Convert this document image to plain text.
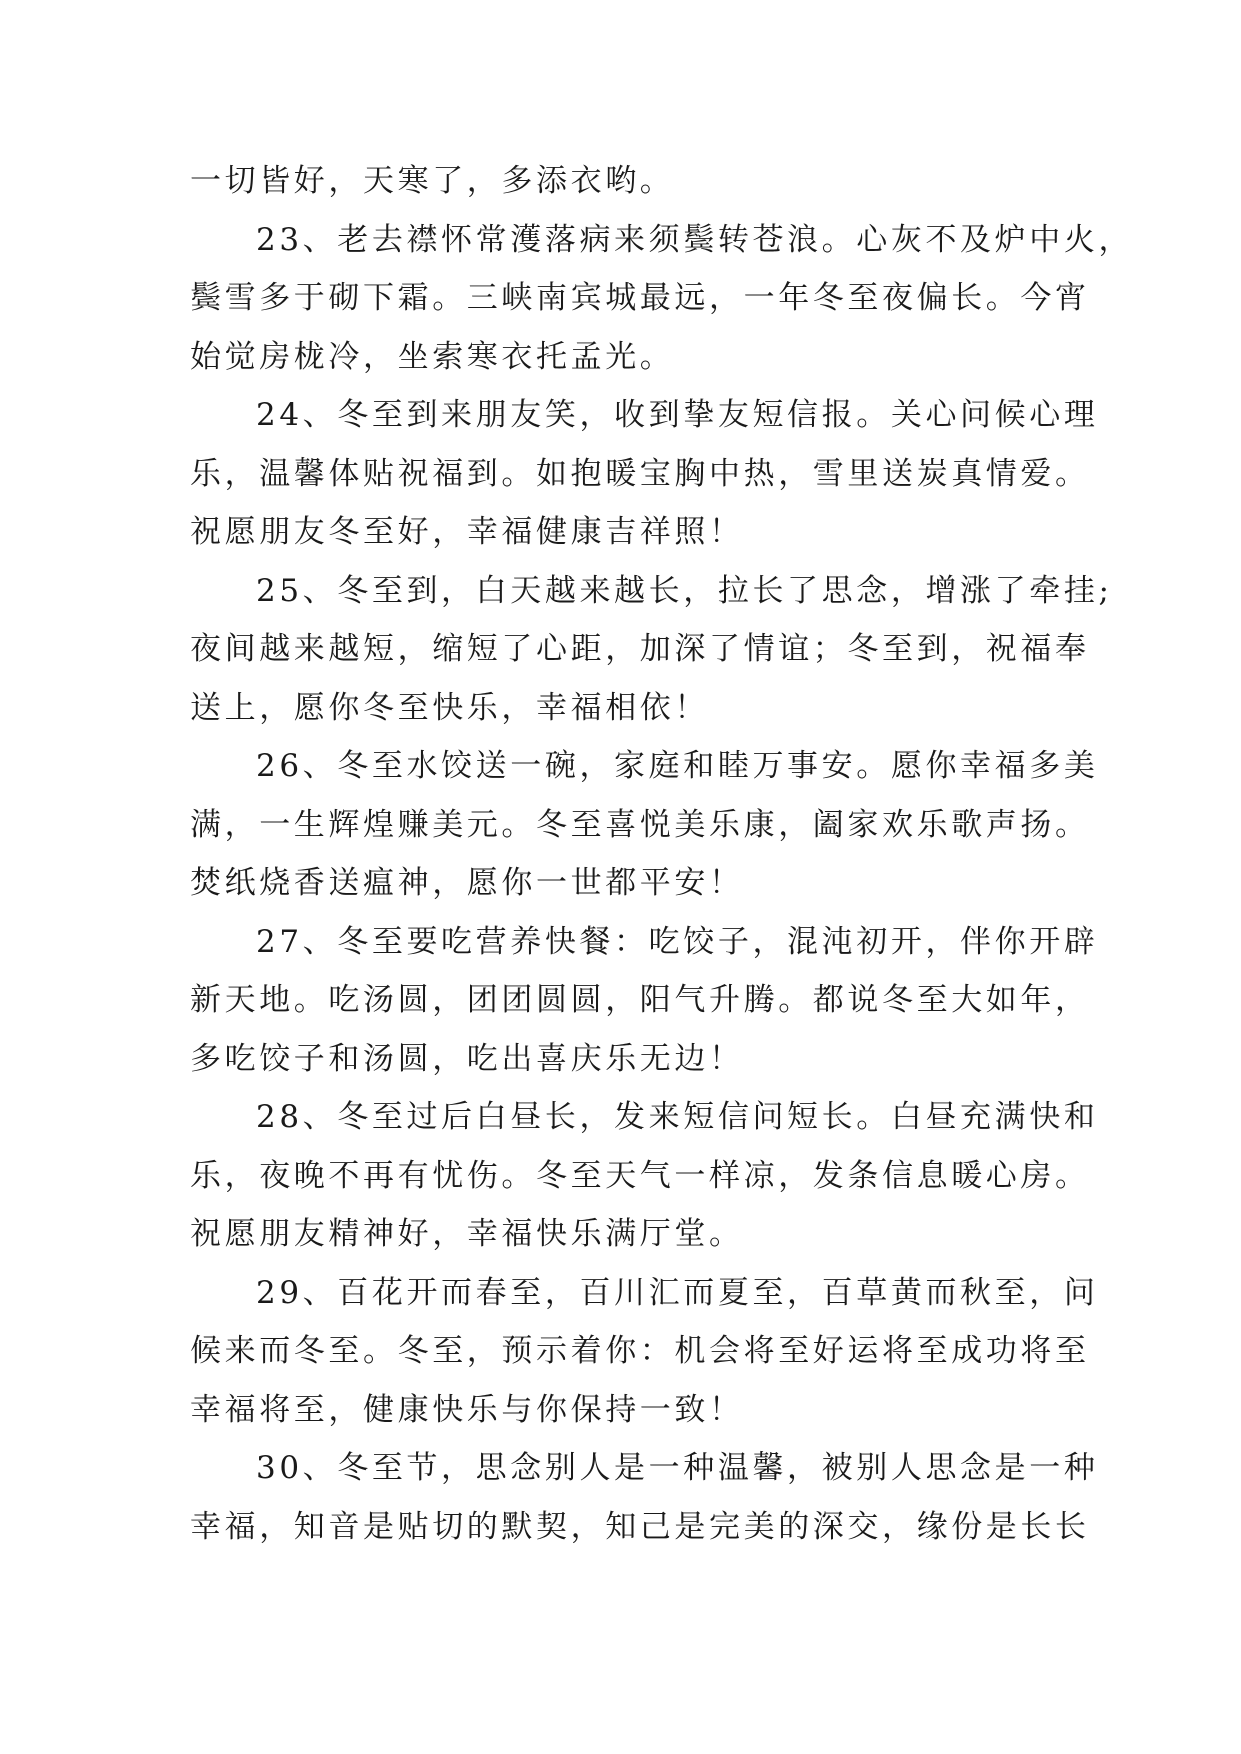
一切皆好，天寒了，多添衣哟。
23、老去襟怀常濩落病来须鬓转苍浪。心灰不及炉中火，
鬓雪多于砌下霜。三峡南宾城最远，一年冬至夜偏长。今宵
始觉房栊冷，坐索寒衣托孟光。
24、冬至到来朋友笑，收到挚友短信报。关心问候心理
乐，温馨体贴祝福到。如抱暖宝胸中热，雪里送炭真情爱。
祝愿朋友冬至好，幸福健康吉祥照！
25、冬至到，白天越来越长，拉长了思念，增涨了牵挂;
夜间越来越短，缩短了心距，加深了情谊；冬至到，祝福奉
送上，愿你冬至快乐，幸福相依！
26、冬至水饺送一碗，家庭和睦万事安。愿你幸福多美
满，一生辉煌赚美元。冬至喜悦美乐康，阖家欢乐歌声扬。
焚纸烧香送瘟神，愿你一世都平安！
27、冬至要吃营养快餐：吃饺子，混沌初开，伴你开辟
新天地。吃汤圆，团团圆圆，阳气升腾。都说冬至大如年，
多吃饺子和汤圆，吃出喜庆乐无边！
28、冬至过后白昼长，发来短信问短长。白昼充满快和
乐，夜晚不再有忧伤。冬至天气一样凉，发条信息暖心房。
祝愿朋友精神好，幸福快乐满厅堂。
29、百花开而春至，百川汇而夏至，百草黄而秋至，问
候来而冬至。冬至，预示着你：机会将至好运将至成功将至
幸福将至，健康快乐与你保持一致！
30、冬至节，思念别人是一种温馨，被别人思念是一种
幸福，知音是贴切的默契，知己是完美的深交，缘份是长长
